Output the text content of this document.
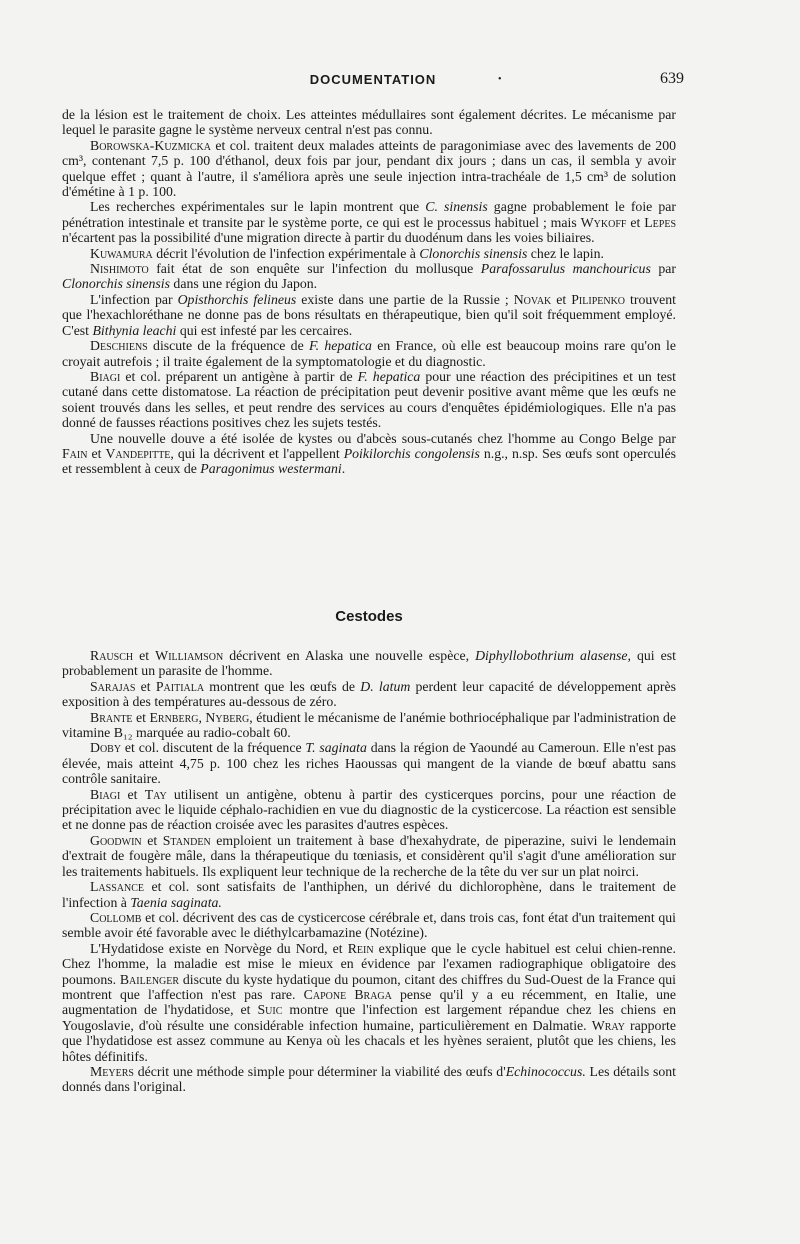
DOCUMENTATION	•	639

de la lésion est le traitement de choix. Les atteintes médullaires sont également décrites. Le mécanisme par lequel le parasite gagne le système nerveux central n'est pas connu.

Borowska-Kuzmicka et col. traitent deux malades atteints de paragonimiase avec des lavements de 200 cm³, contenant 7,5 p. 100 d'éthanol, deux fois par jour, pendant dix jours ; dans un cas, il sembla y avoir quelque effet ; quant à l'autre, il s'améliora après une seule injection intra-trachéale de 1,5 cm³ de solution d'émétine à 1 p. 100.

Les recherches expérimentales sur le lapin montrent que C. sinensis gagne probablement le foie par pénétration intestinale et transite par le système porte, ce qui est le processus habituel ; mais Wykoff et Lepes n'écartent pas la possibilité d'une migration directe à partir du duodénum dans les voies biliaires.

Kuwamura décrit l'évolution de l'infection expérimentale à Clonorchis sinensis chez le lapin.

Nishimoto fait état de son enquête sur l'infection du mollusque Parafossarulus manchouricus par Clonorchis sinensis dans une région du Japon.

L'infection par Opisthorchis felineus existe dans une partie de la Russie ; Novak et Pilipenko trouvent que l'hexachloréthane ne donne pas de bons résultats en thérapeutique, bien qu'il soit fréquemment employé. C'est Bithynia leachi qui est infesté par les cercaires.

Deschiens discute de la fréquence de F. hepatica en France, où elle est beaucoup moins rare qu'on le croyait autrefois ; il traite également de la symptomatologie et du diagnostic.

Biagi et col. préparent un antigène à partir de F. hepatica pour une réaction des précipitines et un test cutané dans cette distomatose. La réaction de précipitation peut devenir positive avant même que les œufs ne soient trouvés dans les selles, et peut rendre des services au cours d'enquêtes épidémiologiques. Elle n'a pas donné de fausses réactions positives chez les sujets testés.

Une nouvelle douve a été isolée de kystes ou d'abcès sous-cutanés chez l'homme au Congo Belge par Fain et Vandepitte, qui la décrivent et l'appellent Poikilorchis congolensis n.g., n.sp. Ses œufs sont operculés et ressemblent à ceux de Paragonimus westermani.

Cestodes

Rausch et Williamson décrivent en Alaska une nouvelle espèce, Diphyllobothrium alasense, qui est probablement un parasite de l'homme.

Sarajas et Paitiala montrent que les œufs de D. latum perdent leur capacité de développement après exposition à des températures au-dessous de zéro.

Brante et Ernberg, Nyberg, étudient le mécanisme de l'anémie bothriocéphalique par l'administration de vitamine B₁₂ marquée au radio-cobalt 60.

Doby et col. discutent de la fréquence T. saginata dans la région de Yaoundé au Cameroun. Elle n'est pas élevée, mais atteint 4,75 p. 100 chez les riches Haoussas qui mangent de la viande de bœuf abattu sans contrôle sanitaire.

Biagi et Tay utilisent un antigène, obtenu à partir des cysticerques porcins, pour une réaction de précipitation avec le liquide céphalo-rachidien en vue du diagnostic de la cysticercose. La réaction est sensible et ne donne pas de réaction croisée avec les parasites d'autres espèces.

Goodwin et Standen emploient un traitement à base d'hexahydrate, de piperazine, suivi le lendemain d'extrait de fougère mâle, dans la thérapeutique du tœniasis, et considèrent qu'il s'agit d'une amélioration sur les traitements habituels. Ils expliquent leur technique de la recherche de la tête du ver sur un plat noirci.

Lassance et col. sont satisfaits de l'anthiphen, un dérivé du dichlorophène, dans le traitement de l'infection à Taenia saginata.

Collomb et col. décrivent des cas de cysticercose cérébrale et, dans trois cas, font état d'un traitement qui semble avoir été favorable avec le diéthylcarbamazine (Notézine).

L'Hydatidose existe en Norvège du Nord, et Rein explique que le cycle habituel est celui chien-renne. Chez l'homme, la maladie est mise le mieux en évidence par l'examen radiographique obligatoire des poumons. Bailenger discute du kyste hydatique du poumon, citant des chiffres du Sud-Ouest de la France qui montrent que l'affection n'est pas rare. Capone Braga pense qu'il y a eu récemment, en Italie, une augmentation de l'hydatidose, et Suic montre que l'infection est largement répandue chez les chiens en Yougoslavie, d'où résulte une considérable infection humaine, particulièrement en Dalmatie. Wray rapporte que l'hydatidose est assez commune au Kenya où les chacals et les hyènes seraient, plutôt que les chiens, les hôtes définitifs.

Meyers décrit une méthode simple pour déterminer la viabilité des œufs d'Echinococcus. Les détails sont donnés dans l'original.
